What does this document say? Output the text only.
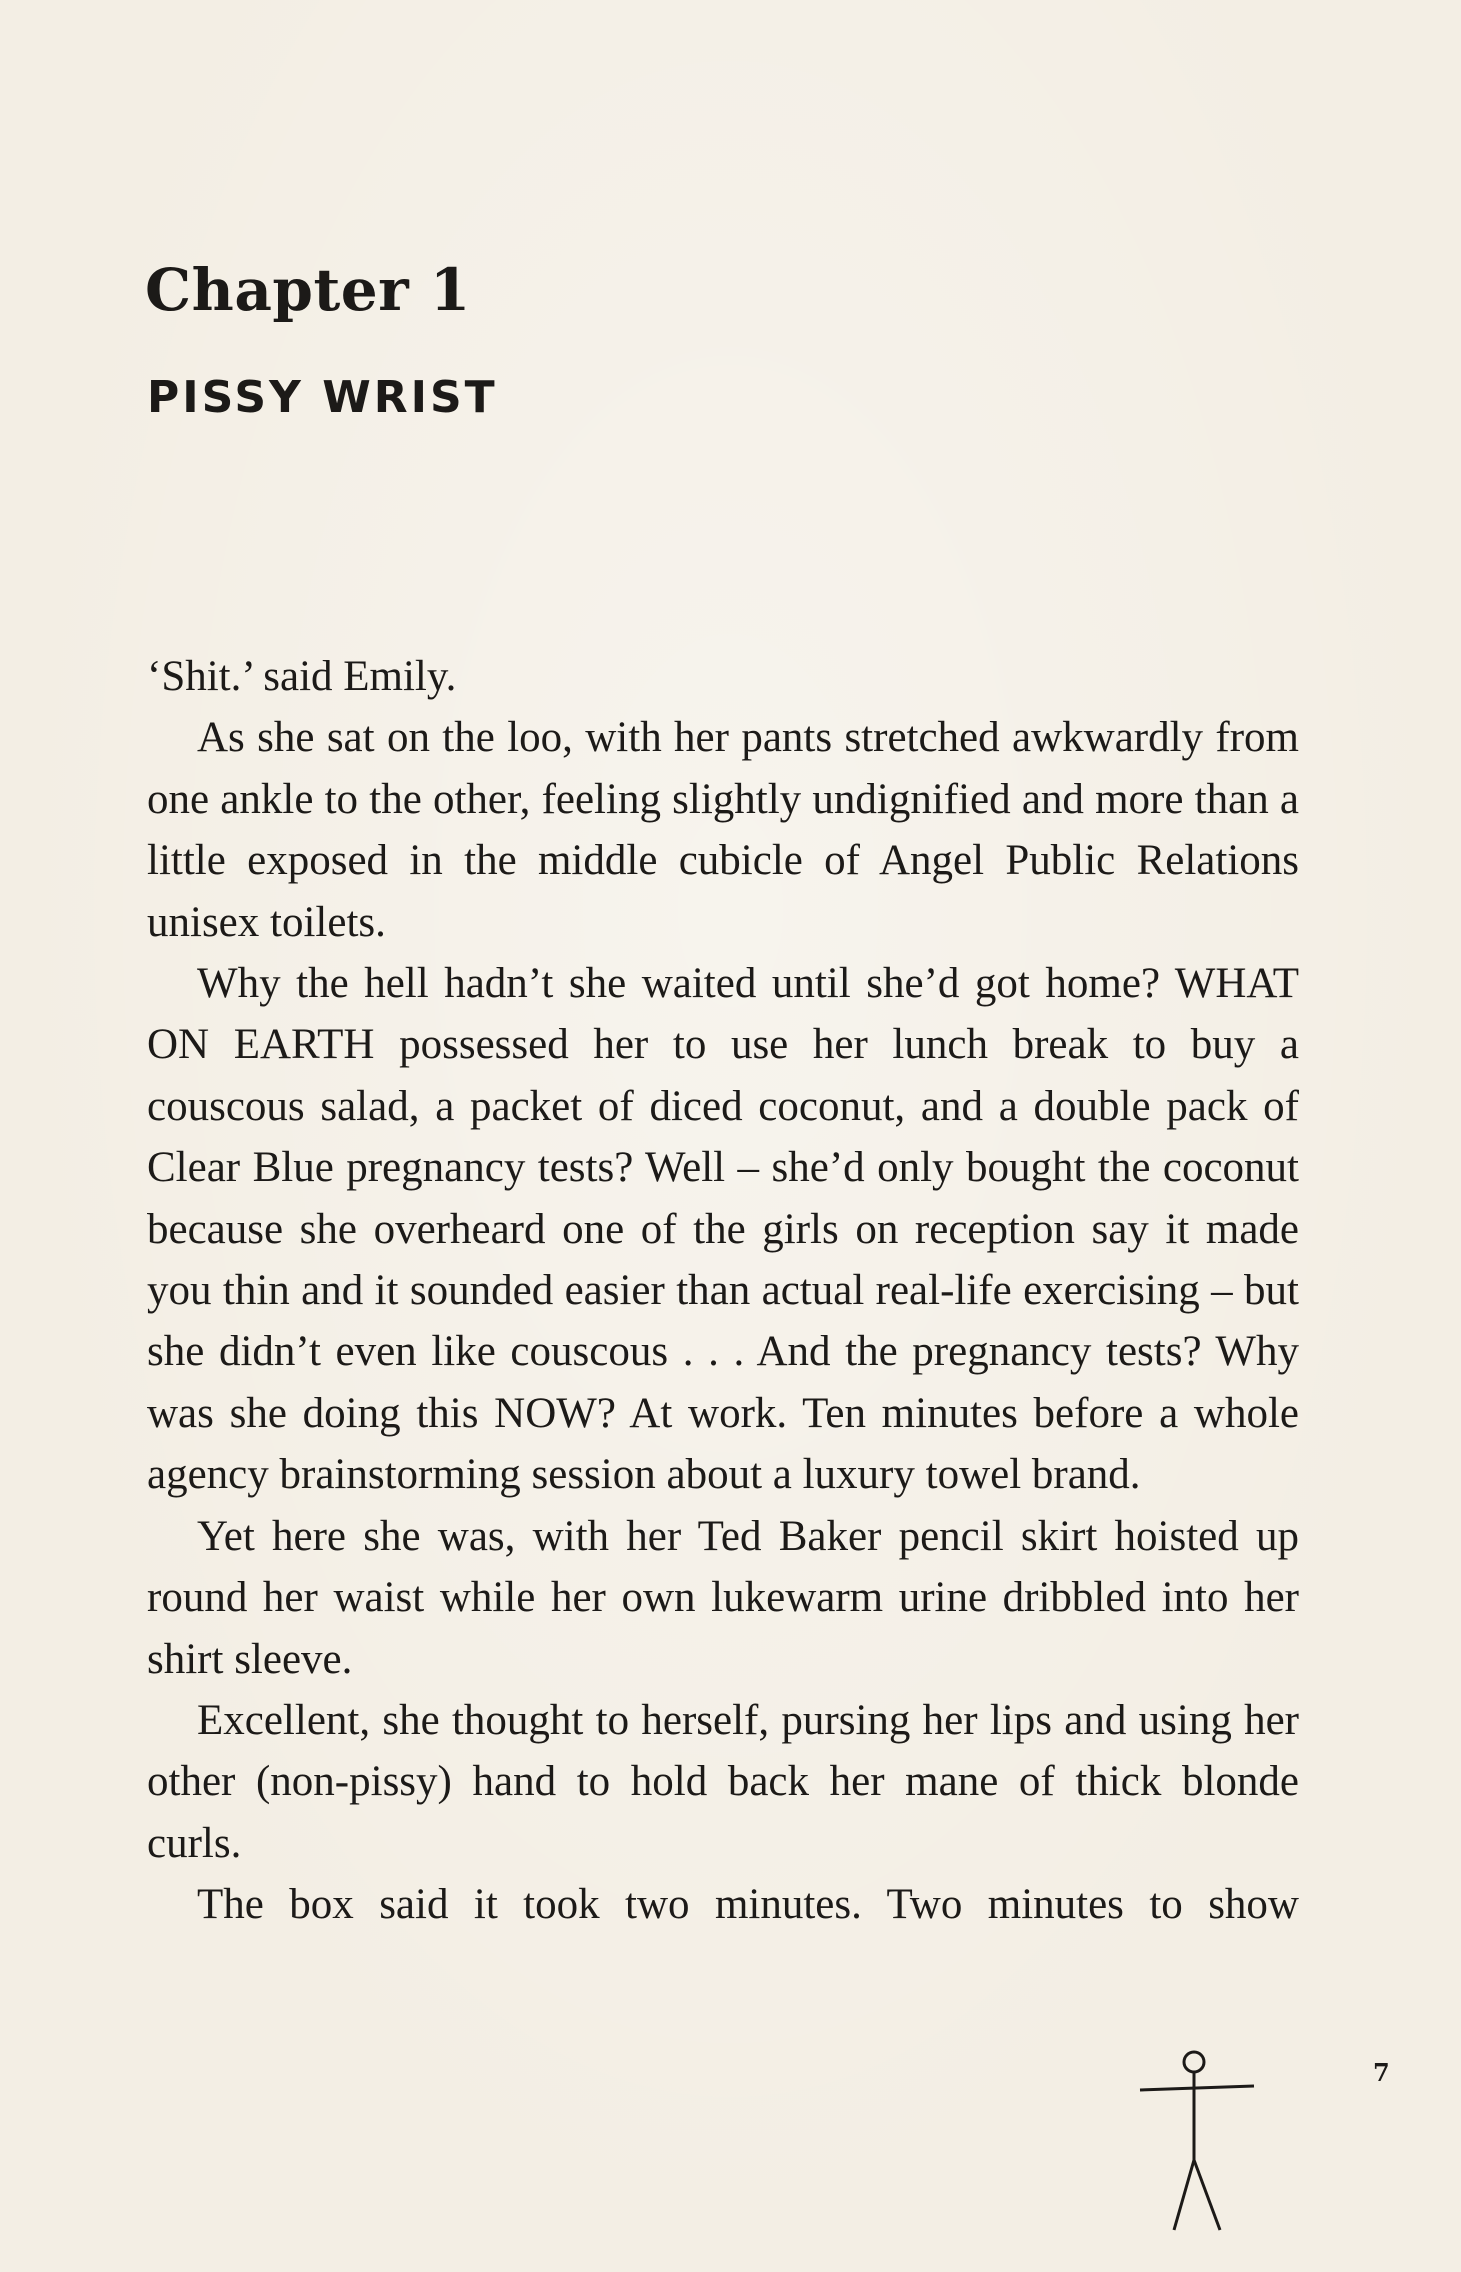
Chapter 1
PISSY WRIST

‘Shit.’ said Emily.

As she sat on the loo, with her pants stretched awkwardly from one ankle to the other, feeling slightly undignified and more than a little exposed in the middle cubicle of Angel Public Relations unisex toilets.

Why the hell hadn’t she waited until she’d got home? WHAT ON EARTH possessed her to use her lunch break to buy a couscous salad, a packet of diced coconut, and a double pack of Clear Blue pregnancy tests? Well – she’d only bought the coconut because she overheard one of the girls on reception say it made you thin and it sounded easier than actual real-life exercising – but she didn’t even like couscous . . . And the pregnancy tests? Why was she doing this NOW? At work. Ten minutes before a whole agency brainstorming session about a luxury towel brand.

Yet here she was, with her Ted Baker pencil skirt hoisted up round her waist while her own lukewarm urine dribbled into her shirt sleeve.

Excellent, she thought to herself, pursing her lips and using her other (non-pissy) hand to hold back her mane of thick blonde curls.

The box said it took two minutes. Two minutes to show

7
